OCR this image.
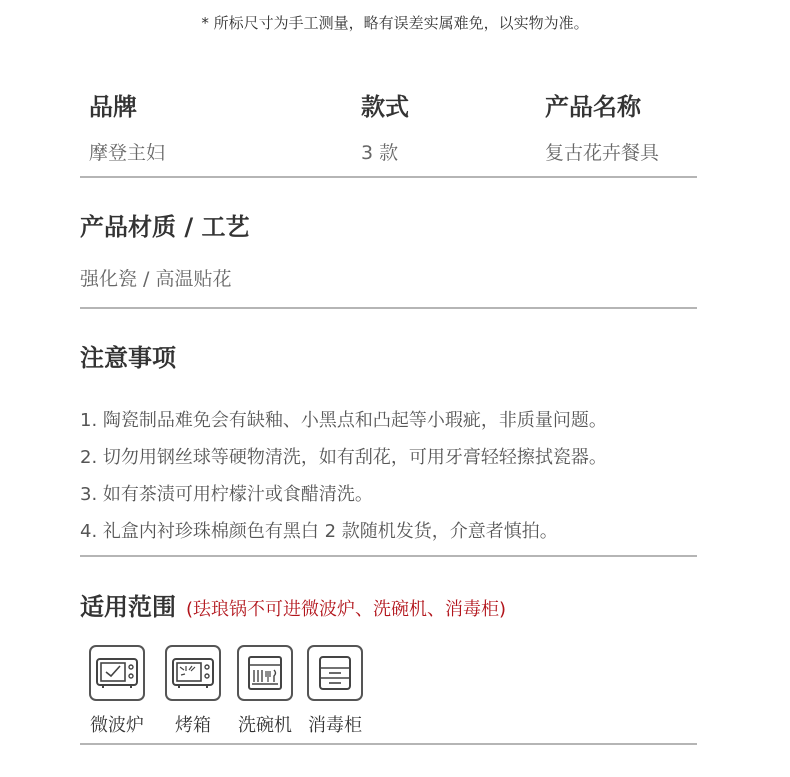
* 所标尺寸为手工测量，略有误差实属难免，以实物为准。
品牌
摩登主妇
款式
3 款
产品名称
复古花卉餐具
产品材质 / 工艺
强化瓷 / 高温贴花
注意事项
1. 陶瓷制品难免会有缺釉、小黑点和凸起等小瑕疵，非质量问题。
2. 切勿用钢丝球等硬物清洗，如有刮花，可用牙膏轻轻擦拭瓷器。
3. 如有茶渍可用柠檬汁或食醋清洗。
4. 礼盒内衬珍珠棉颜色有黑白 2 款随机发货，介意者慎拍。
适用范围 (珐琅锅不可进微波炉、洗碗机、消毒柜)
微波炉	烤箱	洗碗机 消毒柜
